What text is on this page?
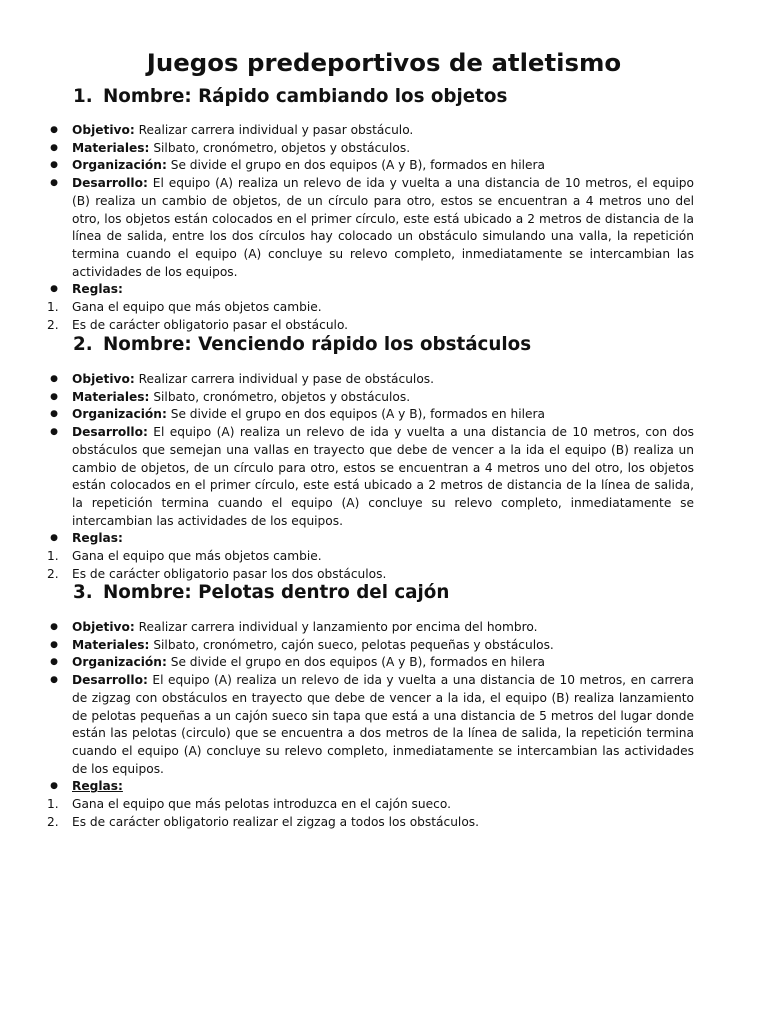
Juegos predeportivos de atletismo
1. Nombre: Rápido cambiando los objetos
● Objetivo: Realizar carrera individual y pasar obstáculo.
● Materiales: Silbato, cronómetro, objetos y obstáculos.
● Organización: Se divide el grupo en dos equipos (A y B), formados en hilera
● Desarrollo: El equipo (A) realiza un relevo de ida y vuelta a una distancia de 10 metros, el equipo (B) realiza un cambio de objetos, de un círculo para otro, estos se encuentran a 4 metros uno del otro, los objetos están colocados en el primer círculo, este está ubicado a 2 metros de distancia de la línea de salida, entre los dos círculos hay colocado un obstáculo simulando una valla, la repetición termina cuando el equipo (A) concluye su relevo completo, inmediatamente se intercambian las actividades de los equipos.
● Reglas:
1. Gana el equipo que más objetos cambie.
2. Es de carácter obligatorio pasar el obstáculo.
2. Nombre: Venciendo rápido los obstáculos
● Objetivo: Realizar carrera individual y pase de obstáculos.
● Materiales: Silbato, cronómetro, objetos y obstáculos.
● Organización: Se divide el grupo en dos equipos (A y B), formados en hilera
● Desarrollo: El equipo (A) realiza un relevo de ida y vuelta a una distancia de 10 metros, con dos obstáculos que semejan una vallas en trayecto que debe de vencer a la ida el equipo (B) realiza un cambio de objetos, de un círculo para otro, estos se encuentran a 4 metros uno del otro, los objetos están colocados en el primer círculo, este está ubicado a 2 metros de distancia de la línea de salida, la repetición termina cuando el equipo (A) concluye su relevo completo, inmediatamente se intercambian las actividades de los equipos.
● Reglas:
1. Gana el equipo que más objetos cambie.
2. Es de carácter obligatorio pasar los dos obstáculos.
3. Nombre: Pelotas dentro del cajón
● Objetivo: Realizar carrera individual y lanzamiento por encima del hombro.
● Materiales: Silbato, cronómetro, cajón sueco, pelotas pequeñas y obstáculos.
● Organización: Se divide el grupo en dos equipos (A y B), formados en hilera
● Desarrollo: El equipo (A) realiza un relevo de ida y vuelta a una distancia de 10 metros, en carrera de zigzag con obstáculos en trayecto que debe de vencer a la ida, el equipo (B) realiza lanzamiento de pelotas pequeñas a un cajón sueco sin tapa que está a una distancia de 5 metros del lugar donde están las pelotas (circulo) que se encuentra a dos metros de la línea de salida, la repetición termina cuando el equipo (A) concluye su relevo completo, inmediatamente se intercambian las actividades de los equipos.
● Reglas:
1. Gana el equipo que más pelotas introduzca en el cajón sueco.
2. Es de carácter obligatorio realizar el zigzag a todos los obstáculos.
